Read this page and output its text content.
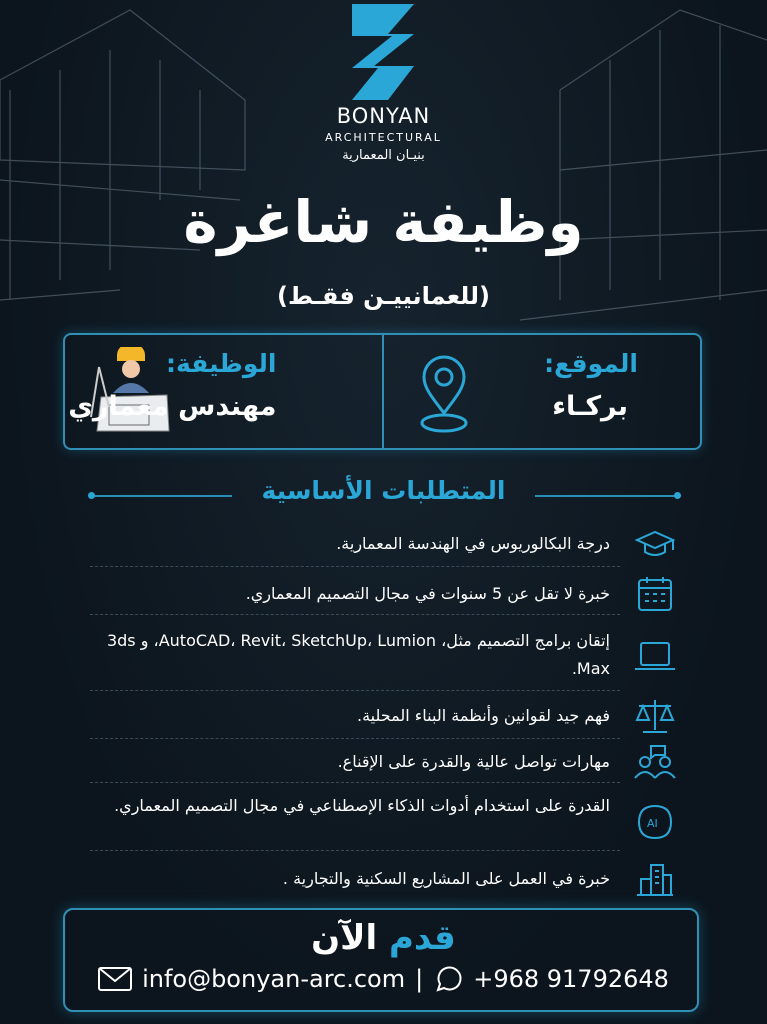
BONYAN
ARCHITECTURAL
بنيـان المعمارية
وظيفة شاغرة
(للعمانييـن فقـط)
الوظيفة:
مهندس معماري
الموقع:
بركـاء
المتطلبات الأساسية
درجة البكالوريوس في الهندسة المعمارية.
خبرة لا تقل عن 5 سنوات في مجال التصميم المعماري.
إتقان برامج التصميم مثل، AutoCAD، Revit، SketchUp، Lumion، و 3ds Max.
فهم جيد لقوانين وأنظمة البناء المحلية.
مهارات تواصل عالية والقدرة على الإقناع.
القدرة على استخدام أدوات الذكاء الإصطناعي في مجال التصميم المعماري.
AI
خبرة في العمل على المشاريع السكنية والتجارية .
قدم الآن
info@bonyan-arc.com | +968 91792648
